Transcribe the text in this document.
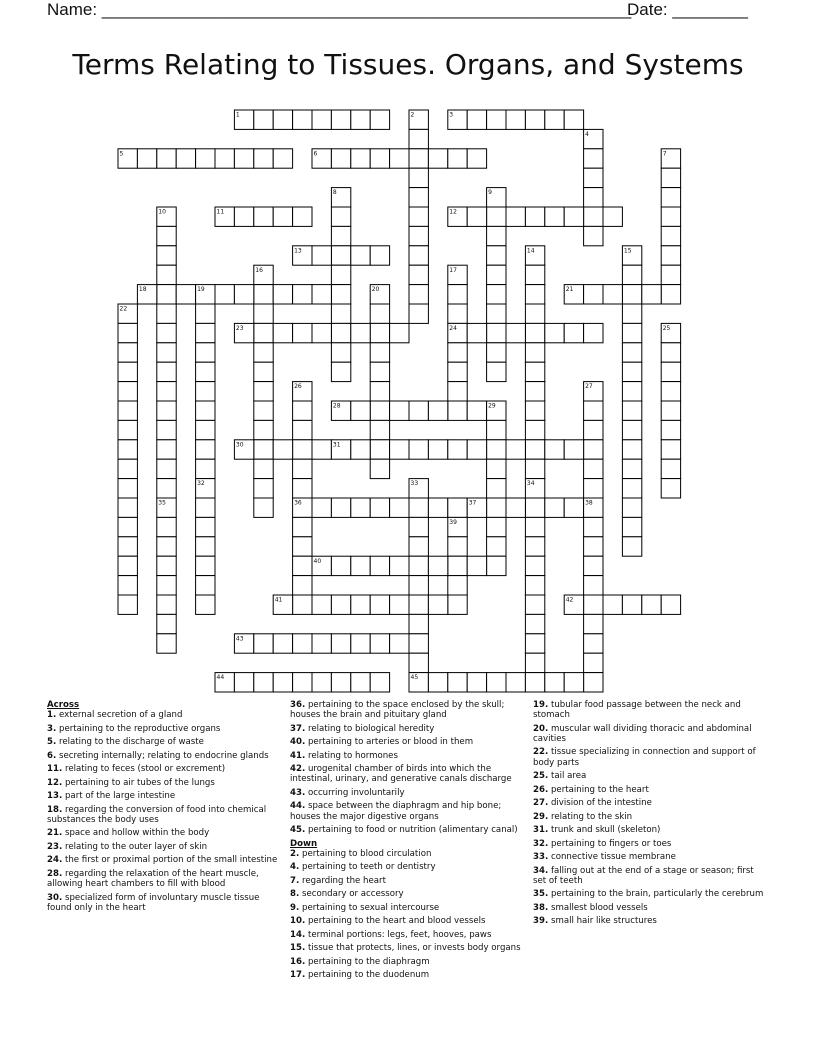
Name: ________________________________________________________
Date: ________
Terms Relating to Tissues. Organs, and Systems
1	2	3
4
5	6	7
8	9
10
35
11	12
13	14
34
15
16	17
24
18	19
32
20	21
22
23	25
26
36
27
28	29
30	31
33
37	38
39
40
41	42
43
44	45
Across
1. external secretion of a gland
3. pertaining to the reproductive organs
5. relating to the discharge of waste
6. secreting internally; relating to endocrine glands
11. relating to feces (stool or excrement)
12. pertaining to air tubes of the lungs
13. part of the large intestine
18. regarding the conversion of food into chemical substances the body uses
21. space and hollow within the body
23. relating to the outer layer of skin
24. the first or proximal portion of the small intestine
28. regarding the relaxation of the heart muscle, allowing heart chambers to fill with blood
30. specialized form of involuntary muscle tissue found only in the heart
36. pertaining to the space enclosed by the skull; houses the brain and pituitary gland
37. relating to biological heredity
40. pertaining to arteries or blood in them
41. relating to hormones
42. urogenital chamber of birds into which the intestinal, urinary, and generative canals discharge
43. occurring involuntarily
44. space between the diaphragm and hip bone; houses the major digestive organs
45. pertaining to food or nutrition (alimentary canal)
Down
2. pertaining to blood circulation
4. pertaining to teeth or dentistry
7. regarding the heart
8. secondary or accessory
9. pertaining to sexual intercourse
10. pertaining to the heart and blood vessels
14. terminal portions: legs, feet, hooves, paws
15. tissue that protects, lines, or invests body organs
16. pertaining to the diaphragm
17. pertaining to the duodenum
19. tubular food passage between the neck and stomach
20. muscular wall dividing thoracic and abdominal cavities
22. tissue specializing in connection and support of body parts
25. tail area
26. pertaining to the heart
27. division of the intestine
29. relating to the skin
31. trunk and skull (skeleton)
32. pertaining to fingers or toes
33. connective tissue membrane
34. falling out at the end of a stage or season; first set of teeth
35. pertaining to the brain, particularly the cerebrum
38. smallest blood vessels
39. small hair like structures
